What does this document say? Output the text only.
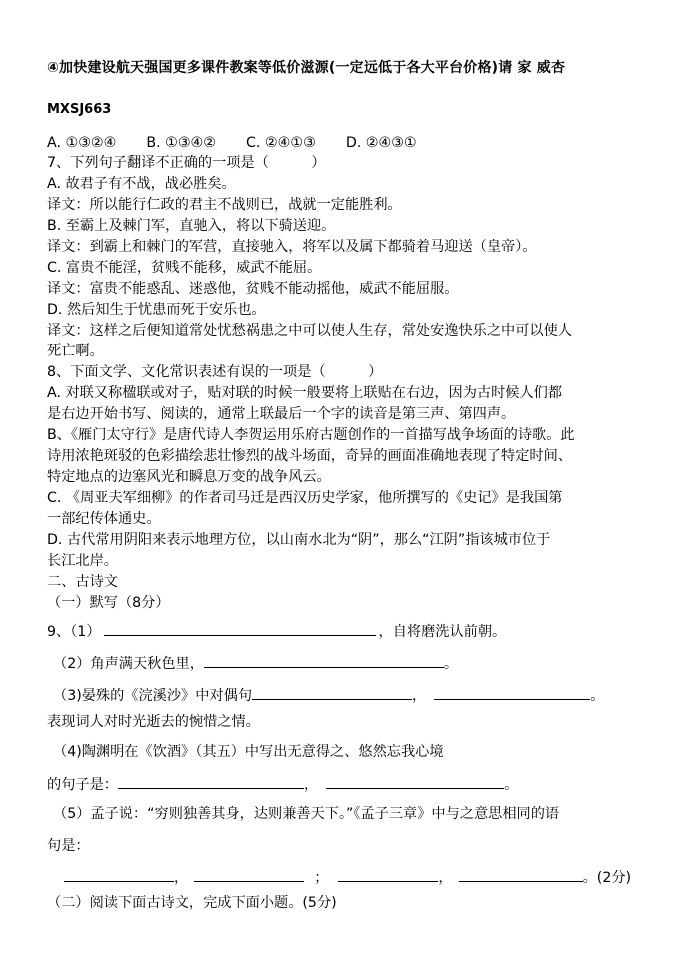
④加快建设航天强国更多课件教案等低价滋源(一定远低于各大平台价格)请 家 威杏
MXSJ663
A. ①③②④ B. ①③④② C. ②④①③ D. ②④③①
7、下列句子翻译不正确的一项是（　　　）
A. 故君子有不战，战必胜矣。
译文：所以能行仁政的君主不战则已，战就一定能胜利。
B. 至霸上及棘门军，直驰入，将以下骑送迎。
译文：到霸上和棘门的军营，直接驰入，将军以及属下都骑着马迎送（皇帝）。
C. 富贵不能淫，贫贱不能移，威武不能屈。
译文：富贵不能惑乱、迷惑他，贫贱不能动摇他，威武不能屈服。
D. 然后知生于忧患而死于安乐也。
译文：这样之后便知道常处忧愁祸患之中可以使人生存，常处安逸快乐之中可以使人
死亡啊。
8、下面文学、文化常识表述有误的一项是（　　　）
A. 对联又称楹联或对子，贴对联的时候一般要将上联贴在右边，因为古时候人们都
是右边开始书写、阅读的，通常上联最后一个字的读音是第三声、第四声。
B、《雁门太守行》是唐代诗人李贺运用乐府古题创作的一首描写战争场面的诗歌。此
诗用浓艳斑驳的色彩描绘悲壮惨烈的战斗场面，奇异的画面准确地表现了特定时间、
特定地点的边塞风光和瞬息万变的战争风云。
C. 《周亚夫军细柳》的作者司马迁是西汉历史学家，他所撰写的《史记》是我国第
一部纪传体通史。
D. 古代常用阴阳来表示地理方位，以山南水北为“阴”，那么“江阴”指该城市位于
长江北岸。
二、古诗文
（一）默写（8分）
9、（1）	，自将磨洗认前朝。
（2）角声满天秋色里，	。
（3)晏殊的《浣溪沙》中对偶句	，	。
表现词人对时光逝去的惋惜之情。
（4)陶渊明在《饮酒》（其五）中写出无意得之、悠然忘我心境
的句子是：	，	。
（5）孟子说：“穷则独善其身，达则兼善天下。”《孟子三章》中与之意思相同的语
句是：
，	；	，	。(2分)
（二）阅读下面古诗文，完成下面小题。(5分)
